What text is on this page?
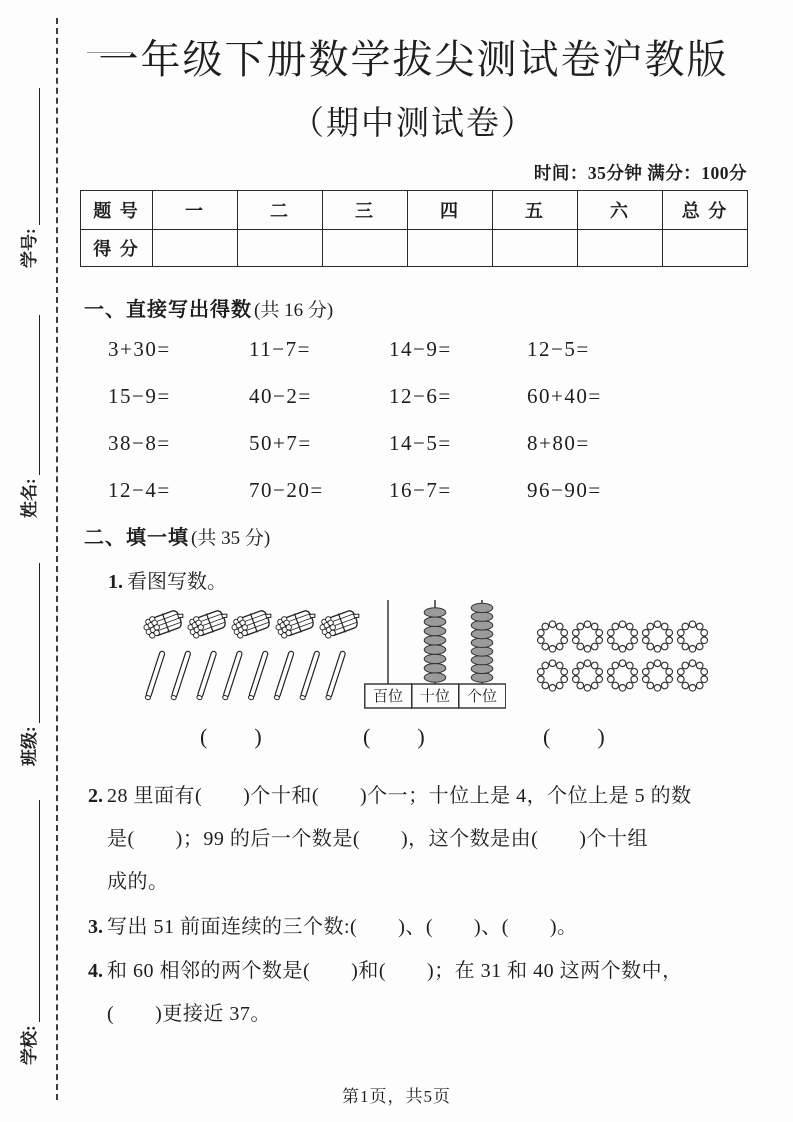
学号:
姓名:
班级:
学校:
一年级下册数学拔尖测试卷沪教版
（期中测试卷）
时间：35分钟 满分：100分
题 号	一	二	三	四	五	六	总 分
得 分							
一、直接写出得数 (共 16 分)
3+30=	11−7=	14−9=	12−5=
15−9=	40−2=	12−6=	60+40=
38−8=	50+7=	14−5=	8+80=
12−4=	70−20=	16−7=	96−90=
二、填一填 (共 35 分)
1. 看图写数。
百位 十位 个位
(　　)	(　　)	(　　)
2. 28 里面有(　　)个十和(　　)个一；十位上是 4，个位上是 5 的数
是(　　)；99 的后一个数是(　　)，这个数是由(　　)个十组
成的。
3. 写出 51 前面连续的三个数:(　　)、(　　)、(　　)。
4. 和 60 相邻的两个数是(　　)和(　　)；在 31 和 40 这两个数中，
(　　)更接近 37。
第1页，共5页
